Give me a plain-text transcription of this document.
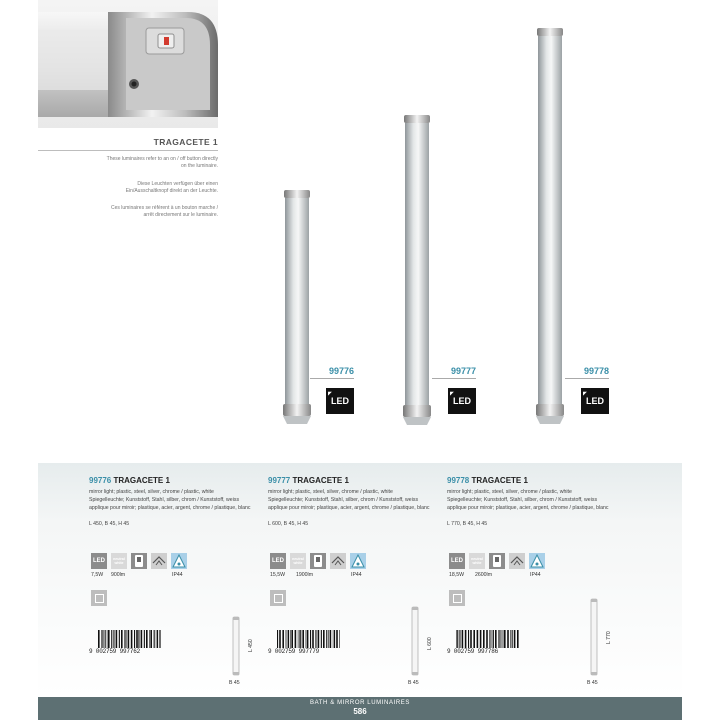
TRAGACETE 1
These luminaires refer to an on / off button directly on the luminaire.
Diese Leuchten verfügen über einen Ein/Ausschaltknopf direkt an der Leuchte.
Ces luminaires se réfèrent à un bouton marche / arrêt directement sur le luminaire.
99776
◤
LED
99777
◤
LED
99778
◤
LED
99776 TRAGACETE 1

mirror light; plastic, steel, silver, chrome / plastic, white

Spiegelleuchte; Kunststoff, Stahl, silber, chrom / Kunststoff, weiss

applique pour miroir; plastique, acier, argent, chrome / plastique, blanc

L 450, B 45, H 45
99777 TRAGACETE 1

mirror light; plastic, steel, silver, chrome / plastic, white

Spiegelleuchte; Kunststoff, Stahl, silber, chrom / Kunststoff, weiss

applique pour miroir; plastique, acier, argent, chrome / plastique, blanc

L 600, B 45, H 45
99778 TRAGACETE 1

mirror light; plastic, steel, silver, chrome / plastic, white

Spiegelleuchte; Kunststoff, Stahl, silber, chrom / Kunststoff, weiss

applique pour miroir; plastique, acier, argent, chrome / plastique, blanc

L 770, B 45, H 45
LED	neutral
white
7,5W 900lm	IP44
LED	neutral
white
15,5W 1900lm	IP44
LED	neutral
white
18,5W 2600lm	IP44
9 002759 997762	9 002759 997779	9 002759 997786
L 450
B 45
L 600
B 45
L 770
B 45
BATH & MIRROR LUMINAIRES
586
